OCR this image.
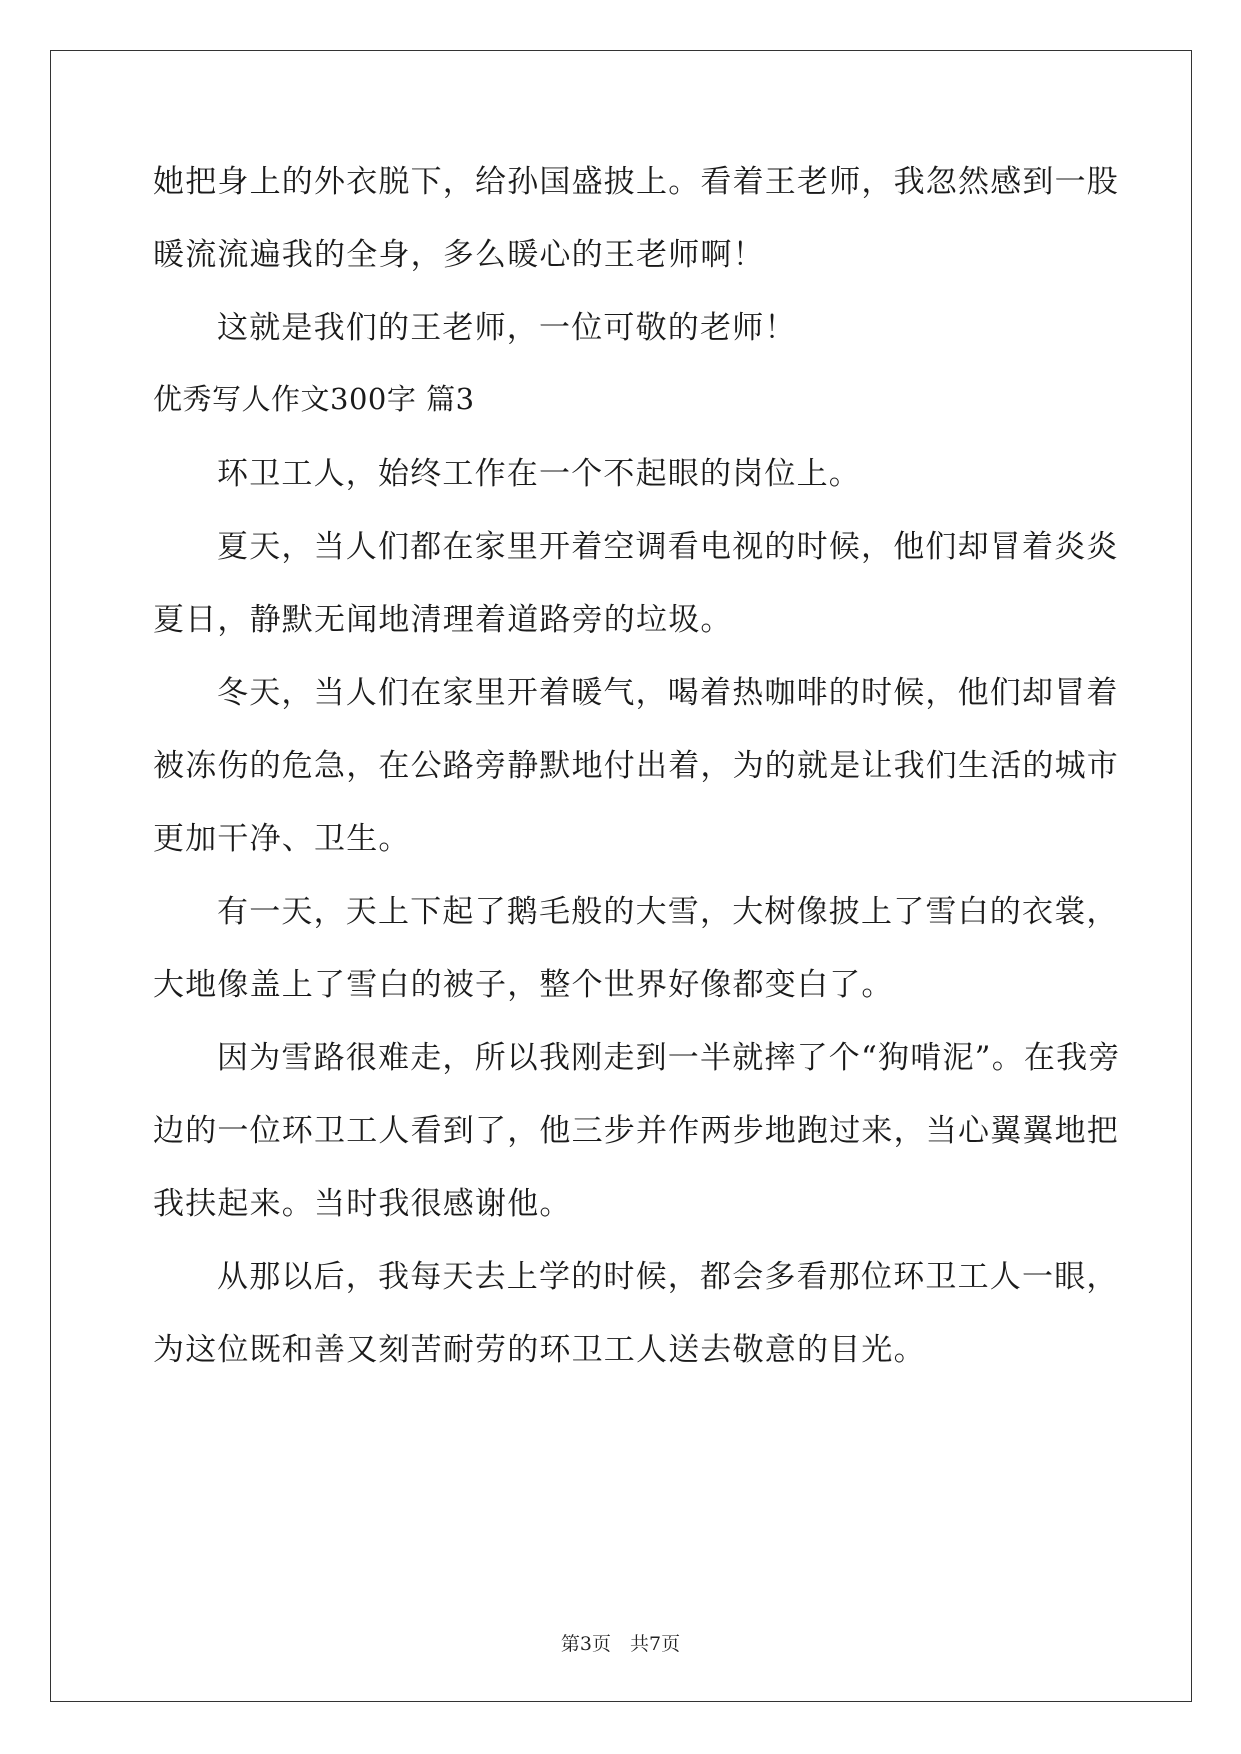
她把身上的外衣脱下，给孙国盛披上。看着王老师，我忽然感到一股
暖流流遍我的全身，多么暖心的王老师啊！
这就是我们的王老师，一位可敬的老师！
优秀写人作文300字 篇3
环卫工人，始终工作在一个不起眼的岗位上。
夏天，当人们都在家里开着空调看电视的时候，他们却冒着炎炎
夏日，静默无闻地清理着道路旁的垃圾。
冬天，当人们在家里开着暖气，喝着热咖啡的时候，他们却冒着
被冻伤的危急，在公路旁静默地付出着，为的就是让我们生活的城市
更加干净、卫生。
有一天，天上下起了鹅毛般的大雪，大树像披上了雪白的衣裳，
大地像盖上了雪白的被子，整个世界好像都变白了。
因为雪路很难走，所以我刚走到一半就摔了个“狗啃泥”。在我旁
边的一位环卫工人看到了，他三步并作两步地跑过来，当心翼翼地把
我扶起来。当时我很感谢他。
从那以后，我每天去上学的时候，都会多看那位环卫工人一眼，
为这位既和善又刻苦耐劳的环卫工人送去敬意的目光。
第3页　共7页
